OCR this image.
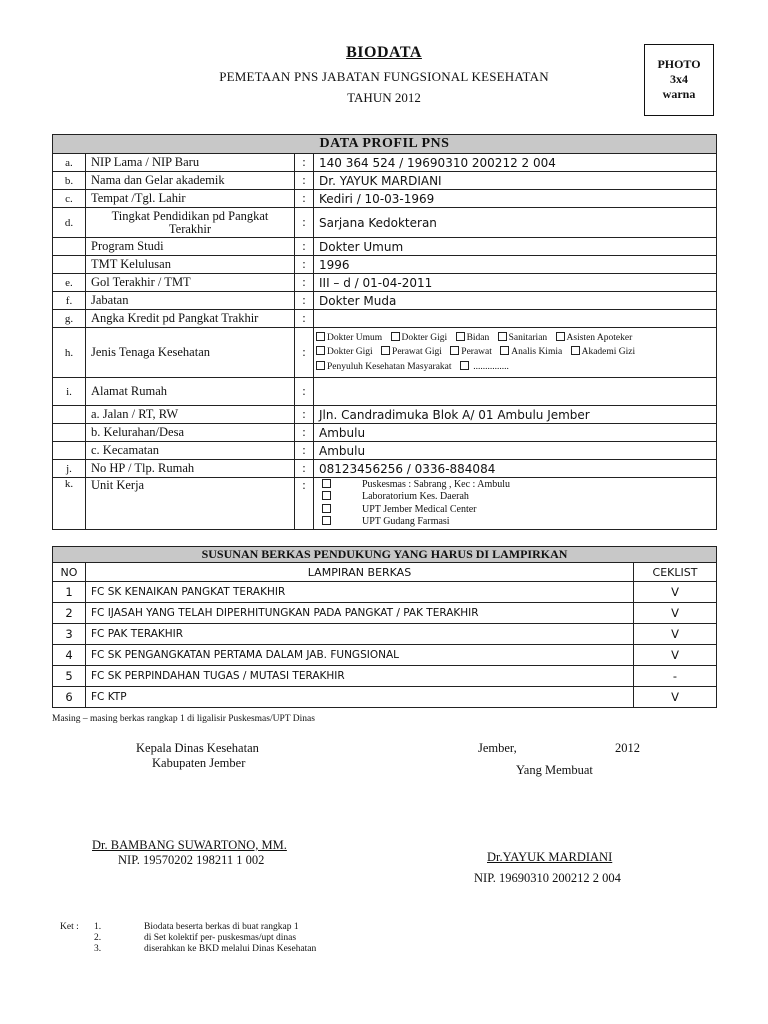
BIODATA
PEMETAAN PNS JABATAN FUNGSIONAL KESEHATAN
TAHUN 2012
PHOTO
3x4
warna
DATA PROFIL PNS			
a.	NIP Lama / NIP Baru	:	140 364 524 / 19690310 200212 2 004
b.	Nama dan Gelar akademik	:	Dr. YAYUK MARDIANI
c.	Tempat /Tgl. Lahir	:	Kediri / 10-03-1969
d.	Tingkat Pendidikan pd Pangkat Terakhir	:	Sarjana Kedokteran
	Program Studi	:	Dokter Umum
	TMT Kelulusan	:	1996
e.	Gol Terakhir / TMT	:	III – d / 01-04-2011
f.	Jabatan	:	Dokter Muda
g.	Angka Kredit pd Pangkat Trakhir	:	
h.	Jenis Tenaga Kesehatan	:	Dokter Umum Dokter Gigi Bidan Sanitarian Asisten Apoteker
Dokter Gigi Perawat Gigi Perawat Analis Kimia Akademi Gizi
Penyuluh Kesehatan Masyarakat ...............

i.	Alamat Rumah	:	
	a. Jalan / RT, RW	:	Jln. Candradimuka Blok A/ 01 Ambulu Jember
	b. Kelurahan/Desa	:	Ambulu
	c. Kecamatan	:	Ambulu
j.	No HP / Tlp. Rumah	:	08123456256 / 0336-884084
k.	Unit Kerja	:	Puskesmas : Sabrang , Kec : Ambulu
Laboratorium Kes. Daerah
UPT Jember Medical Center
UPT Gudang Farmasi
SUSUNAN BERKAS PENDUKUNG YANG HARUS DI LAMPIRKAN		
NO	LAMPIRAN BERKAS	CEKLIST
1	FC SK KENAIKAN PANGKAT TERAKHIR	V
2	FC IJASAH YANG TELAH DIPERHITUNGKAN PADA PANGKAT / PAK TERAKHIR	V
3	FC PAK TERAKHIR	V
4	FC SK PENGANGKATAN PERTAMA DALAM JAB. FUNGSIONAL	V
5	FC SK PERPINDAHAN TUGAS / MUTASI TERAKHIR	-
6	FC KTP	V
Masing – masing berkas rangkap 1 di ligalisir Puskesmas/UPT Dinas
Kepala Dinas Kesehatan
Kabupaten Jember
Jember,	2012
Yang Membuat
Dr. BAMBANG SUWARTONO, MM.
NIP. 19570202 198211 1 002	Dr.YAYUK MARDIANI
NIP. 19690310 200212 2 004
Ket : 1.	Biodata beserta berkas di buat rangkap 1
2.	di Set kolektif per- puskesmas/upt dinas
3.	diserahkan ke BKD melalui Dinas Kesehatan
